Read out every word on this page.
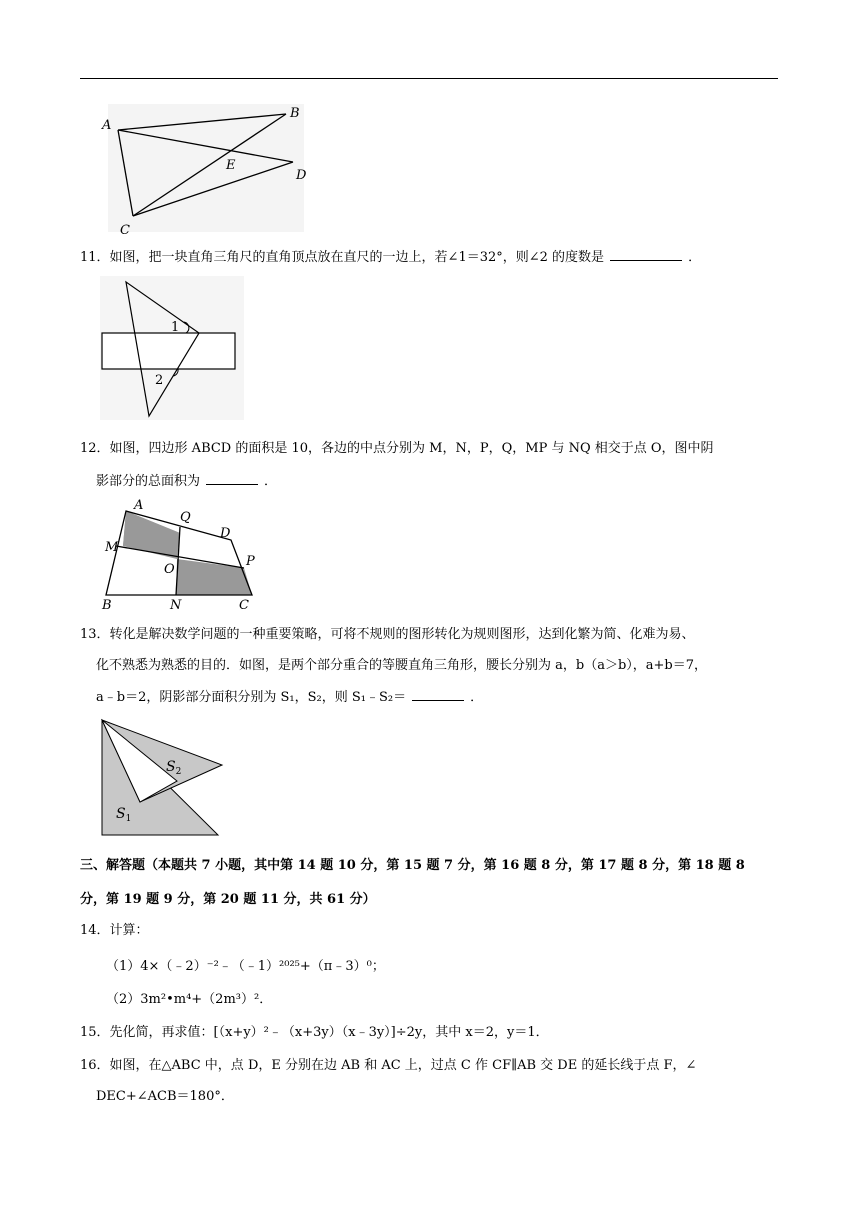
A
B
E
D
C
11．如图，把一块直角三角尺的直角顶点放在直尺的一边上，若∠1＝32°，则∠2 的度数是	．
1
2
12．如图，四边形 ABCD 的面积是 10，各边的中点分别为 M，N，P，Q，MP 与 NQ 相交于点 O，图中阴
影部分的总面积为	．
A
Q
D
M
O
P
B	N	C
13．转化是解决数学问题的一种重要策略，可将不规则的图形转化为规则图形，达到化繁为简、化难为易、
化不熟悉为熟悉的目的．如图，是两个部分重合的等腰直角三角形，腰长分别为 a，b（a＞b），a+b＝7，
a﹣b＝2，阴影部分面积分别为 S₁，S₂，则 S₁﹣S₂＝	．
$S_2$
$S_1$
三、解答题（本题共 7 小题，其中第 14 题 10 分，第 15 题 7 分，第 16 题 8 分，第 17 题 8 分，第 18 题 8
分，第 19 题 9 分，第 20 题 11 分，共 61 分）
14．计算：
（1）4×（﹣2）⁻²﹣（﹣1）²⁰²⁵+（π﹣3）⁰；
（2）3m²•m⁴+（2m³）²．
15．先化简，再求值：[（x+y）²﹣（x+3y）（x﹣3y）]÷2y，其中 x＝2，y＝1．
16．如图，在△ABC 中，点 D，E 分别在边 AB 和 AC 上，过点 C 作 CF∥AB 交 DE 的延长线于点 F，∠
DEC+∠ACB＝180°．
